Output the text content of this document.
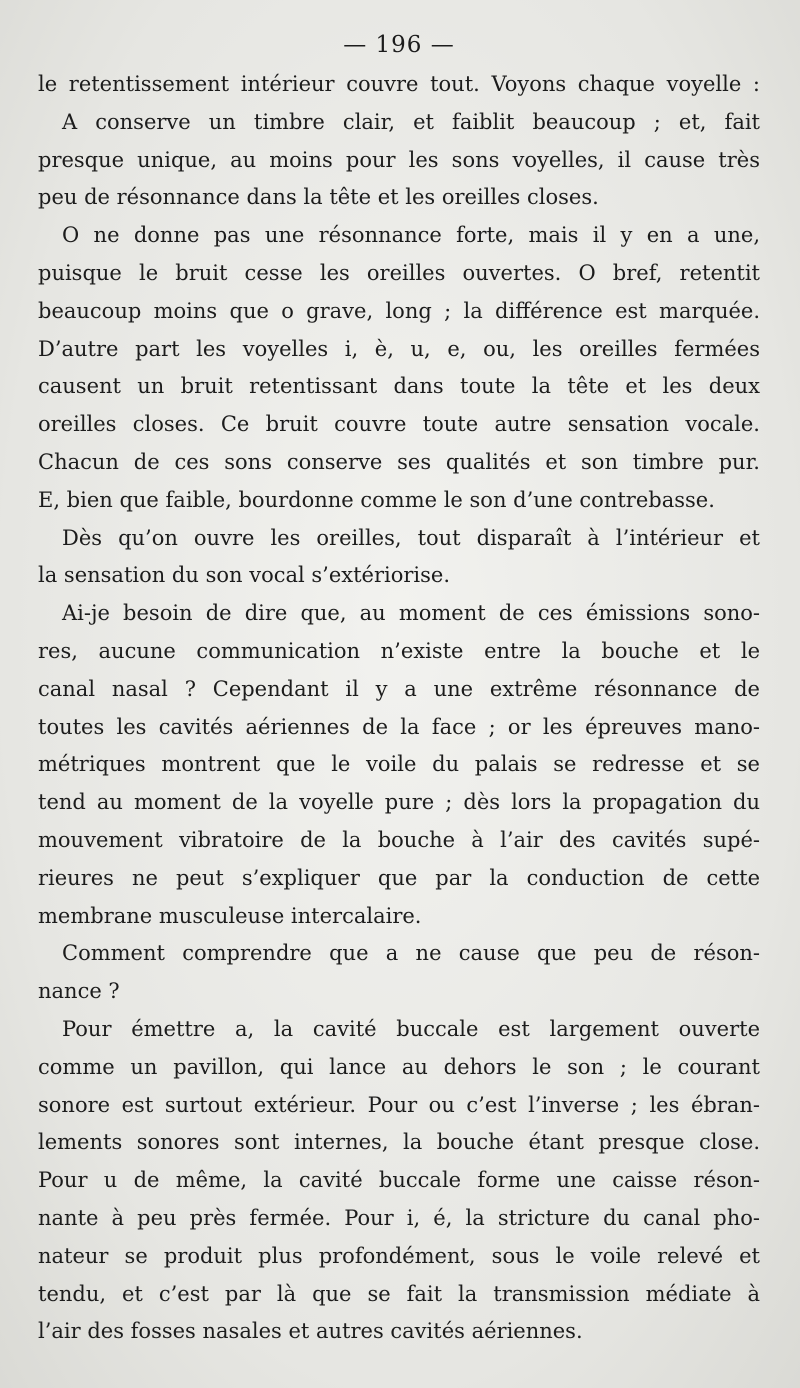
— 196 —
le retentissement intérieur couvre tout. Voyons chaque voyelle :
A conserve un timbre clair, et faiblit beaucoup ; et, fait
presque unique, au moins pour les sons voyelles, il cause très
peu de résonnance dans la tête et les oreilles closes.
O ne donne pas une résonnance forte, mais il y en a une,
puisque le bruit cesse les oreilles ouvertes. O bref, retentit
beaucoup moins que o grave, long ; la différence est marquée.
D’autre part les voyelles i, è, u, e, ou, les oreilles fermées
causent un bruit retentissant dans toute la tête et les deux
oreilles closes. Ce bruit couvre toute autre sensation vocale.
Chacun de ces sons conserve ses qualités et son timbre pur.
E, bien que faible, bourdonne comme le son d’une contrebasse.
Dès qu’on ouvre les oreilles, tout disparaît à l’intérieur et
la sensation du son vocal s’extériorise.
Ai-je besoin de dire que, au moment de ces émissions sono-
res, aucune communication n’existe entre la bouche et le
canal nasal ? Cependant il y a une extrême résonnance de
toutes les cavités aériennes de la face ; or les épreuves mano-
métriques montrent que le voile du palais se redresse et se
tend au moment de la voyelle pure ; dès lors la propagation du
mouvement vibratoire de la bouche à l’air des cavités supé-
rieures ne peut s’expliquer que par la conduction de cette
membrane musculeuse intercalaire.
Comment comprendre que a ne cause que peu de réson-
nance ?
Pour émettre a, la cavité buccale est largement ouverte
comme un pavillon, qui lance au dehors le son ; le courant
sonore est surtout extérieur. Pour ou c’est l’inverse ; les ébran-
lements sonores sont internes, la bouche étant presque close.
Pour u de même, la cavité buccale forme une caisse réson-
nante à peu près fermée. Pour i, é, la stricture du canal pho-
nateur se produit plus profondément, sous le voile relevé et
tendu, et c’est par là que se fait la transmission médiate à
l’air des fosses nasales et autres cavités aériennes.
